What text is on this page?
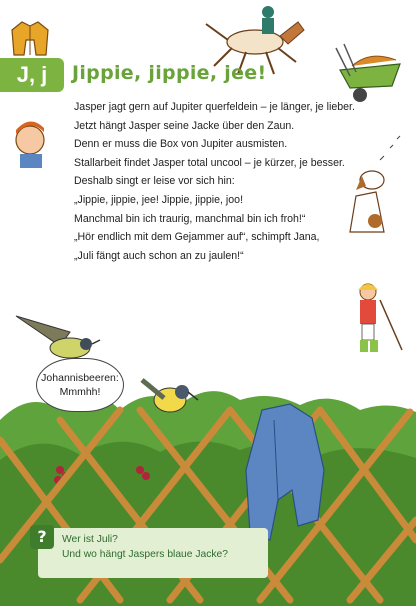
J, j Jippie, jippie, jee!
Jasper jagt gern auf Jupiter querfeldein – je länger, je lieber.
Jetzt hängt Jasper seine Jacke über den Zaun.
Denn er muss die Box von Jupiter ausmisten.
Stallarbeit findet Jasper total uncool – je kürzer, je besser.
Deshalb singt er leise vor sich hin:
„Jippie, jippie, jee! Jippie, jippie, joo!
Manchmal bin ich traurig, manchmal bin ich froh!“
„Hör endlich mit dem Gejammer auf“, schimpft Jana,
„Juli fängt auch schon an zu jaulen!“
Johannisbeeren:
Mmmhh!
?	Wer ist Juli?
Und wo hängt Jaspers blaue Jacke?
